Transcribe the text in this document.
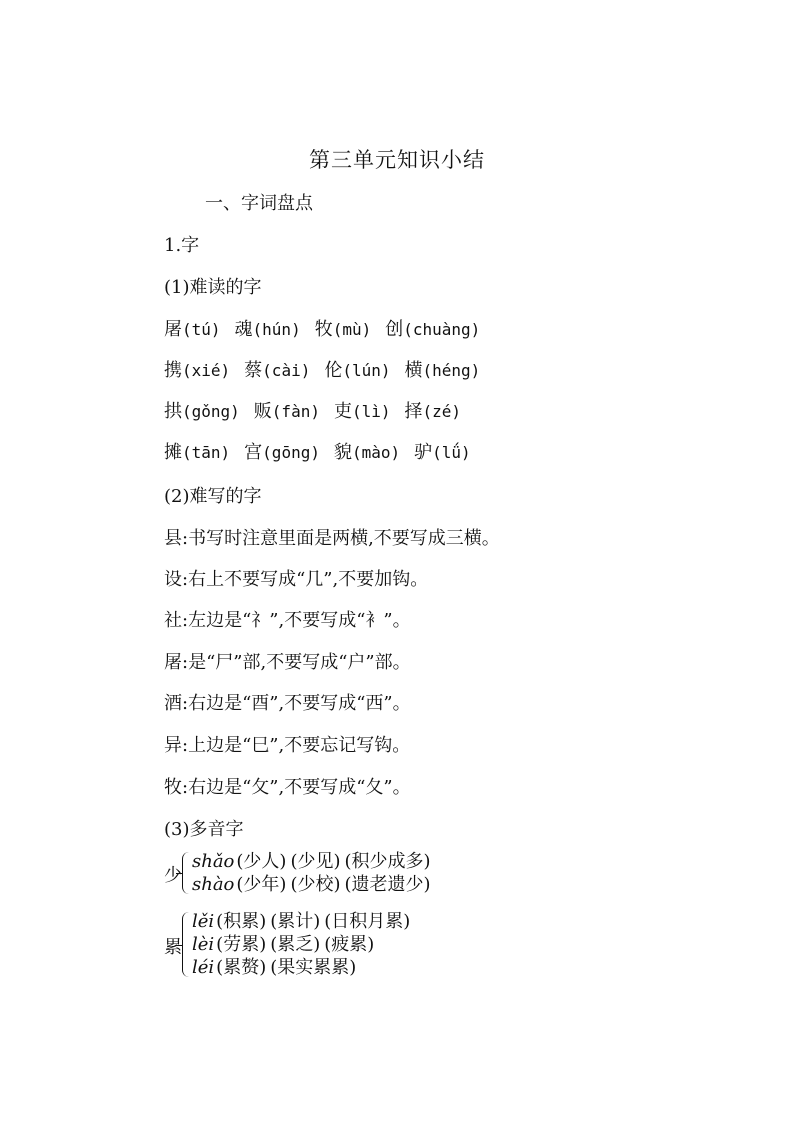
第三单元知识小结
一、字词盘点
1.字
(1)难读的字
屠(tú) 魂(hún) 牧(mù) 创(chuàng)
携(xié) 蔡(cài) 伦(lún) 横(héng)
拱(gǒng) 贩(fàn) 吏(lì) 择(zé)
摊(tān) 宫(gōng) 貌(mào) 驴(lǘ)
(2)难写的字
县:书写时注意里面是两横,不要写成三横。
设:右上不要写成“几”,不要加钩。
社:左边是“礻”,不要写成“衤”。
屠:是“尸”部,不要写成“户”部。
酒:右边是“酉”,不要写成“西”。
异:上边是“巳”,不要忘记写钩。
牧:右边是“攵”,不要写成“夂”。
(3)多音字
少
shǎo (少人) (少见) (积少成多)
shào (少年) (少校) (遗老遗少)
累
lěi (积累) (累计) (日积月累)
lèi (劳累) (累乏) (疲累)
léi (累赘) (果实累累)
